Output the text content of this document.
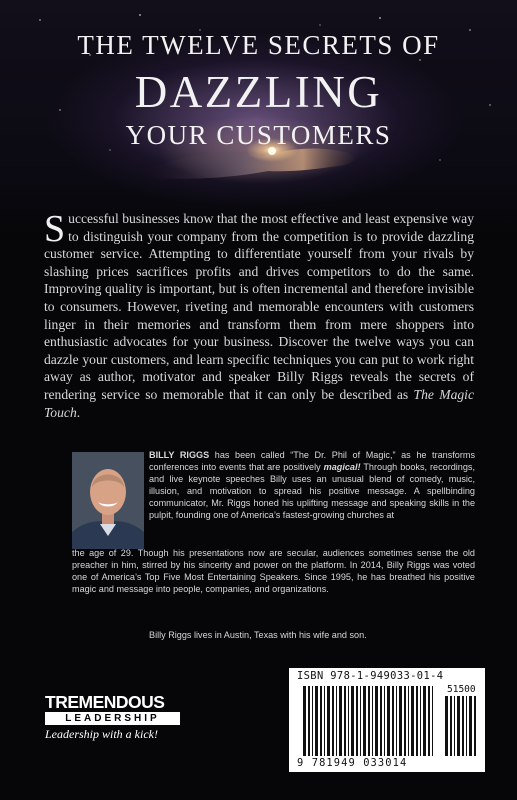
THE TWELVE SECRETS OF
DAZZLING
YOUR CUSTOMERS

Successful businesses know that the most effective and least expensive way to distinguish your company from the competition is to provide dazzling customer service. Attempting to differentiate yourself from your rivals by slashing prices sacrifices profits and drives competitors to do the same. Improving quality is important, but is often incremental and therefore invisible to consumers. However, riveting and memorable encounters with customers linger in their memories and transform them from mere shoppers into enthusiastic advocates for your business. Discover the twelve ways you can dazzle your customers, and learn specific techniques you can put to work right away as author, motivator and speaker Billy Riggs reveals the secrets of rendering service so memorable that it can only be described as The Magic Touch.

BILLY RIGGS has been called “The Dr. Phil of Magic,” as he transforms conferences into events that are positively magical! Through books, recordings, and live keynote speeches Billy uses an unusual blend of comedy, music, illusion, and motivation to spread his positive message. A spellbinding communicator, Mr. Riggs honed his uplifting message and speaking skills in the pulpit, founding one of America’s fastest-growing churches at

the age of 29. Though his presentations now are secular, audiences sometimes sense the old preacher in him, stirred by his sincerity and power on the platform. In 2014, Billy Riggs was voted one of America’s Top Five Most Entertaining Speakers. Since 1995, he has breathed his positive magic and message into people, companies, and organizations.

Billy Riggs lives in Austin, Texas with his wife and son.
TREMENDOUS
LEADERSHIP
Leadership with a kick!
ISBN 978-1-949033-01-4
51500
9 781949 033014
